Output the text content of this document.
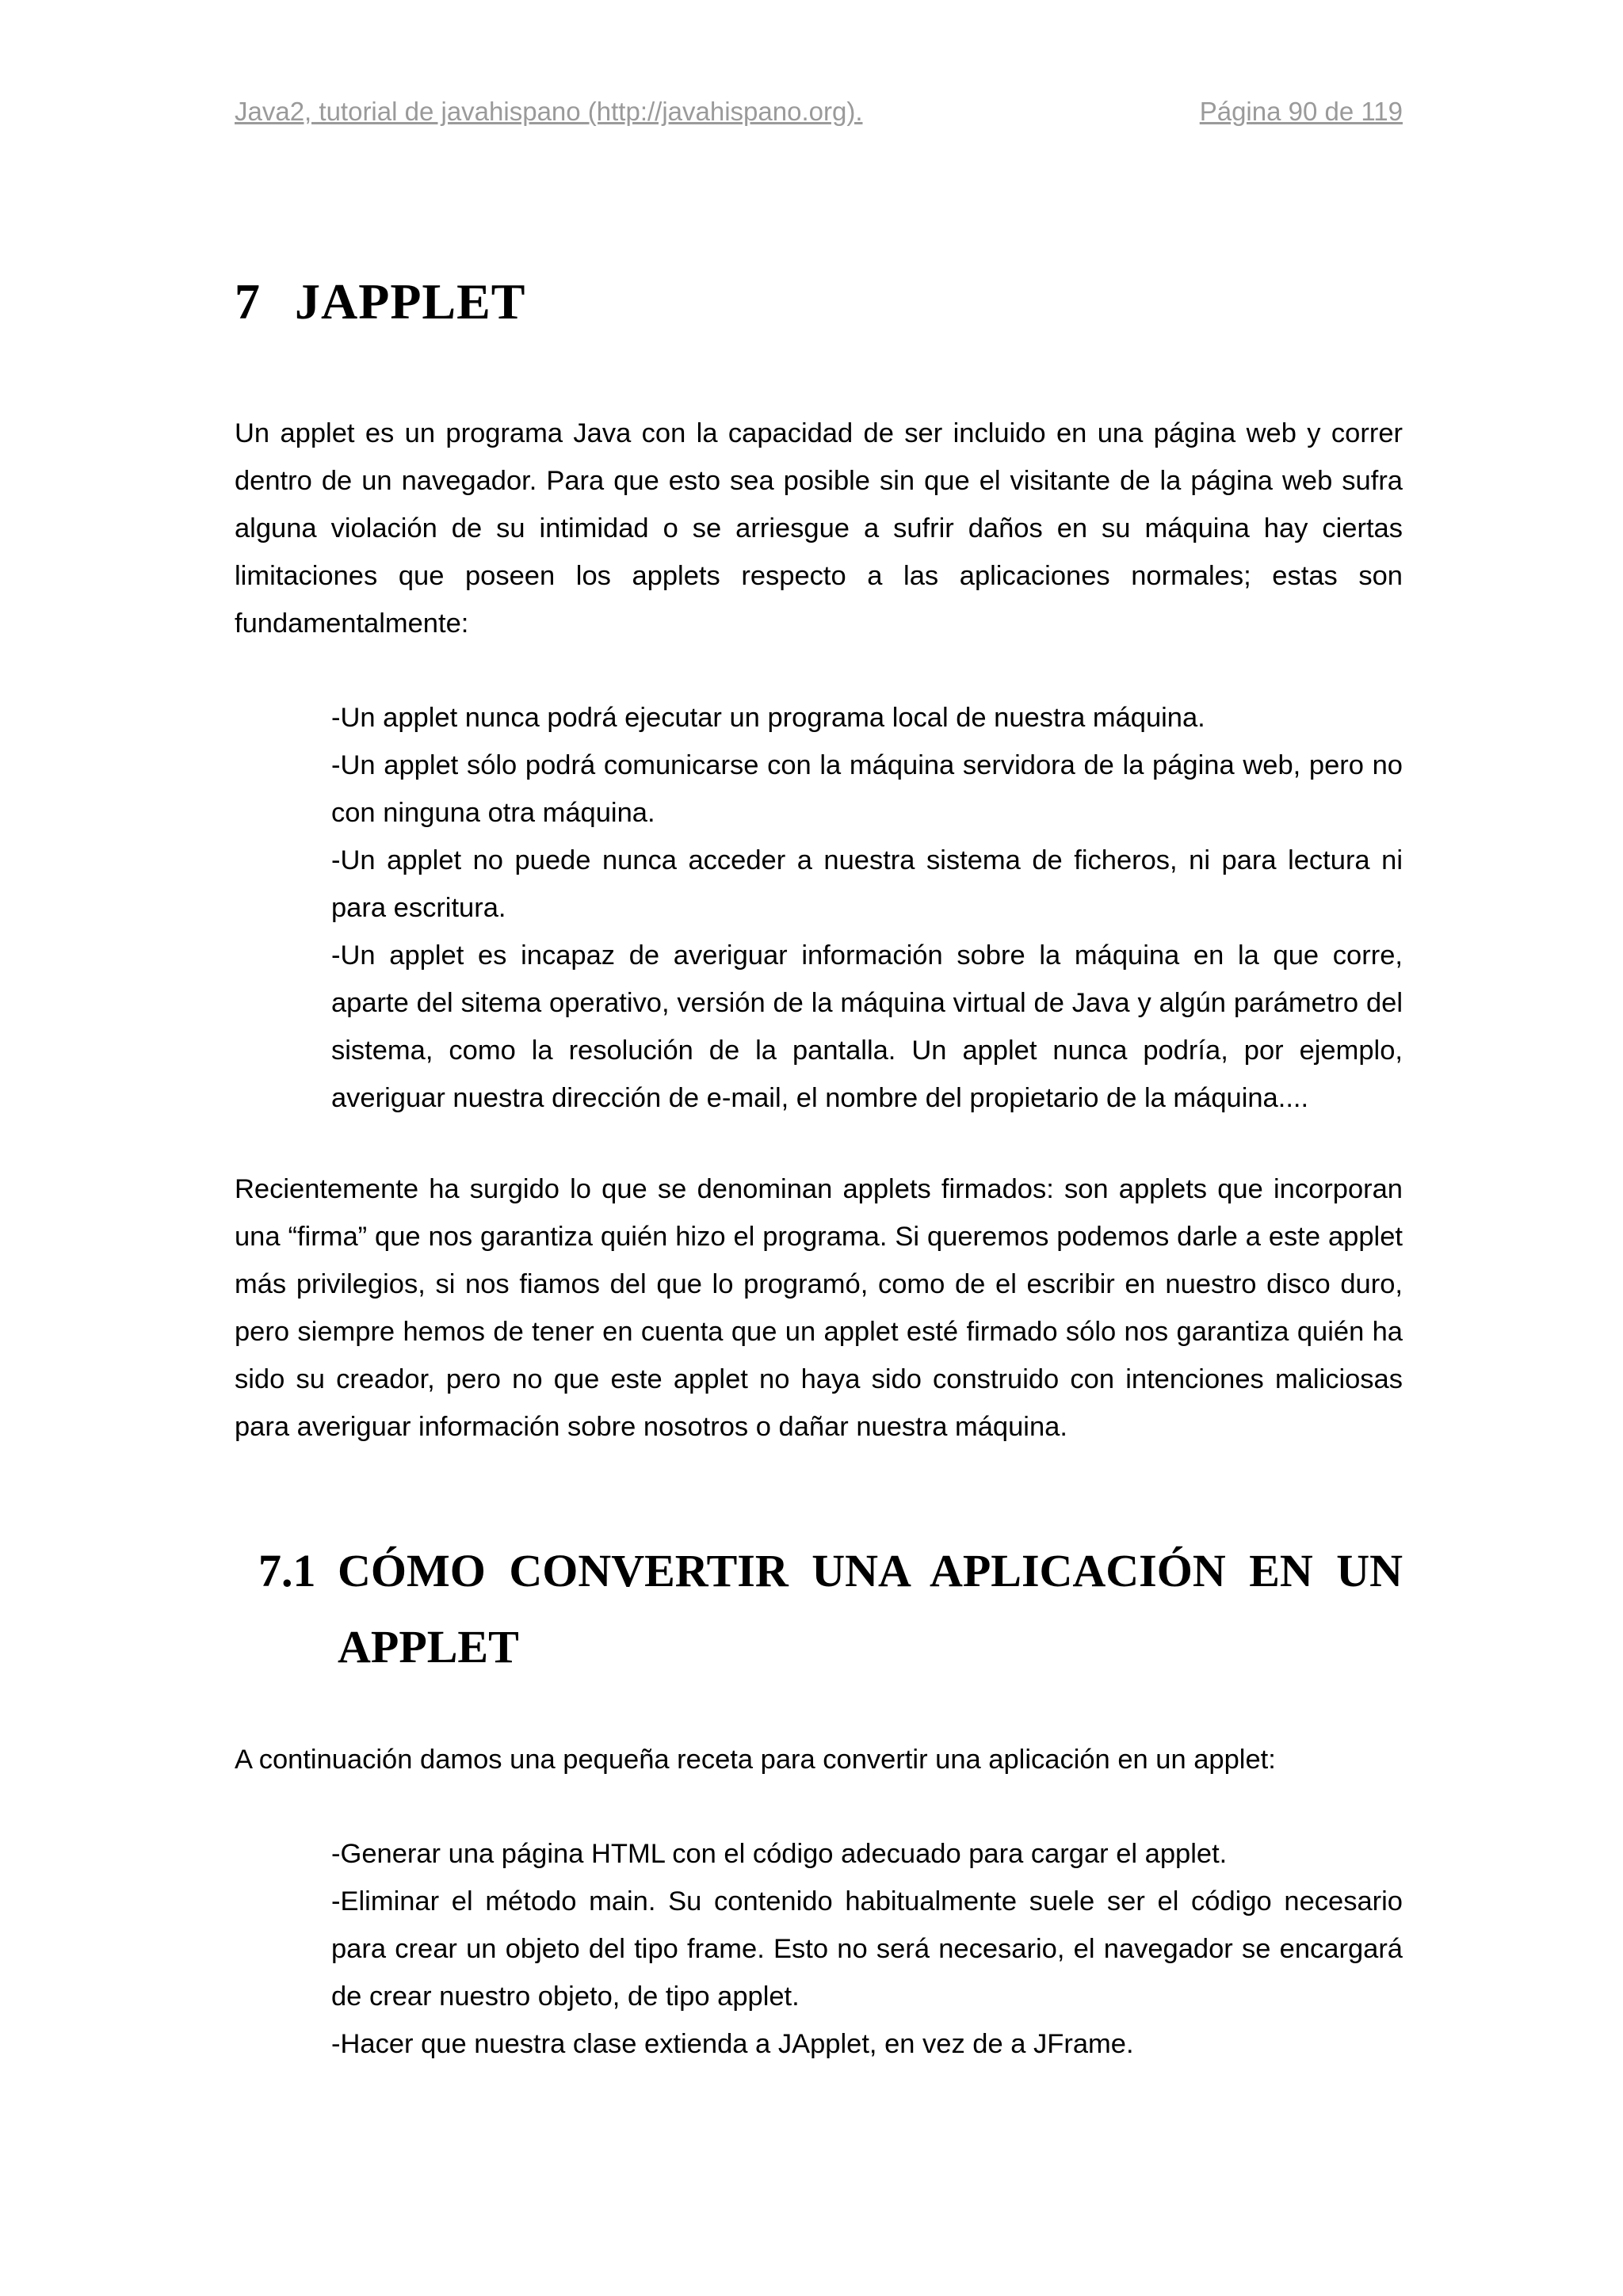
Java2, tutorial de javahispano (http://javahispano.org).	Página 90 de 119
7 JAPPLET

Un applet es un programa Java con la capacidad de ser incluido en una página web y correr dentro de un navegador. Para que esto sea posible sin que el visitante de la página web sufra alguna violación de su intimidad o se arriesgue a sufrir daños en su máquina hay ciertas limitaciones que poseen los applets respecto a las aplicaciones normales; estas son fundamentalmente:

-Un applet nunca podrá ejecutar un programa local de nuestra máquina.
-Un applet sólo podrá comunicarse con la máquina servidora de la página web, pero no con ninguna otra máquina.
-Un applet no puede nunca acceder a nuestra sistema de ficheros, ni para lectura ni para escritura.
-Un applet es incapaz de averiguar información sobre la máquina en la que corre, aparte del sitema operativo, versión de la máquina virtual de Java y algún parámetro del sistema, como la resolución de la pantalla. Un applet nunca podría, por ejemplo, averiguar nuestra dirección de e-mail, el nombre del propietario de la máquina....

Recientemente ha surgido lo que se denominan applets firmados: son applets que incorporan una “firma” que nos garantiza quién hizo el programa. Si queremos podemos darle a este applet más privilegios, si nos fiamos del que lo programó, como de el escribir en nuestro disco duro, pero siempre hemos de tener en cuenta que un applet esté firmado sólo nos garantiza quién ha sido su creador, pero no que este applet no haya sido construido con intenciones maliciosas para averiguar información sobre nosotros o dañar nuestra máquina.

7.1 CÓMO CONVERTIR UNA APLICACIÓN EN UN APPLET

A continuación damos una pequeña receta para convertir una aplicación en un applet:

-Generar una página HTML con el código adecuado para cargar el applet.
-Eliminar el método main. Su contenido habitualmente suele ser el código necesario para crear un objeto del tipo frame. Esto no será necesario, el navegador se encargará de crear nuestro objeto, de tipo applet.
-Hacer que nuestra clase extienda a JApplet, en vez de a JFrame.
